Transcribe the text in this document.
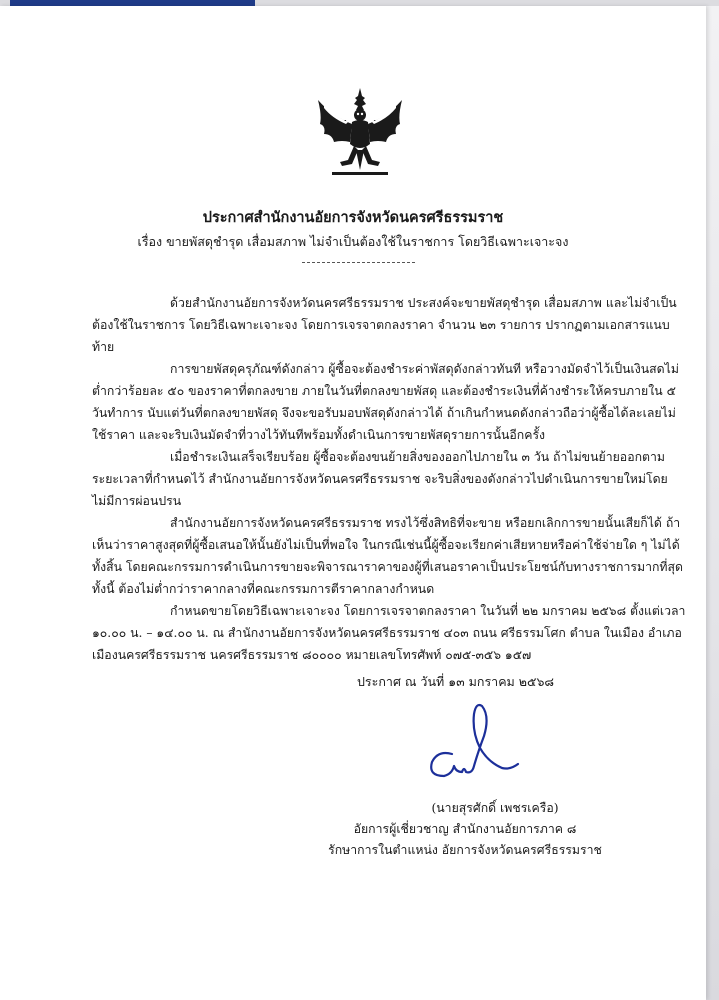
ประกาศสำนักงานอัยการจังหวัดนครศรีธรรมราช
เรื่อง ขายพัสดุชำรุด เสื่อมสภาพ ไม่จำเป็นต้องใช้ในราชการ โดยวิธีเฉพาะเจาะจง

ด้วยสำนักงานอัยการจังหวัดนครศรีธรรมราช ประสงค์จะขายพัสดุชำรุด เสื่อมสภาพ และไม่จำเป็นต้องใช้ในราชการ โดยวิธีเฉพาะเจาะจง โดยการเจรจาตกลงราคา จำนวน ๒๓ รายการ ปรากฏตามเอกสารแนบท้าย

การขายพัสดุครุภัณฑ์ดังกล่าว ผู้ซื้อจะต้องชำระค่าพัสดุดังกล่าวทันที หรือวางมัดจำไว้เป็นเงินสดไม่ต่ำกว่าร้อยละ ๕๐ ของราคาที่ตกลงขาย ภายในวันที่ตกลงขายพัสดุ และต้องชำระเงินที่ค้างชำระให้ครบภายใน ๕ วันทำการ นับแต่วันที่ตกลงขายพัสดุ จึงจะขอรับมอบพัสดุดังกล่าวได้ ถ้าเกินกำหนดดังกล่าวถือว่าผู้ซื้อได้ละเลยไม่ใช้ราคา และจะริบเงินมัดจำที่วางไว้ทันทีพร้อมทั้งดำเนินการขายพัสดุรายการนั้นอีกครั้ง

เมื่อชำระเงินเสร็จเรียบร้อย ผู้ซื้อจะต้องขนย้ายสิ่งของออกไปภายใน ๓ วัน ถ้าไม่ขนย้ายออกตามระยะเวลาที่กำหนดไว้ สำนักงานอัยการจังหวัดนครศรีธรรมราช จะริบสิ่งของดังกล่าวไปดำเนินการขายใหม่โดยไม่มีการผ่อนปรน

สำนักงานอัยการจังหวัดนครศรีธรรมราช ทรงไว้ซึ่งสิทธิที่จะขาย หรือยกเลิกการขายนั้นเสียก็ได้ ถ้าเห็นว่าราคาสูงสุดที่ผู้ซื้อเสนอให้นั้นยังไม่เป็นที่พอใจ ในกรณีเช่นนี้ผู้ซื้อจะเรียกค่าเสียหายหรือค่าใช้จ่ายใด ๆ ไม่ได้ทั้งสิ้น โดยคณะกรรมการดำเนินการขายจะพิจารณาราคาของผู้ที่เสนอราคาเป็นประโยชน์กับทางราชการมากที่สุด ทั้งนี้ ต้องไม่ต่ำกว่าราคากลางที่คณะกรรมการตีราคากลางกำหนด

กำหนดขายโดยวิธีเฉพาะเจาะจง โดยการเจรจาตกลงราคา ในวันที่ ๒๒ มกราคม ๒๕๖๘ ตั้งแต่เวลา ๑๐.๐๐ น. – ๑๔.๐๐ น. ณ สำนักงานอัยการจังหวัดนครศรีธรรมราช ๔๐๓ ถนน ศรีธรรมโศก ตำบล ในเมือง อำเภอเมืองนครศรีธรรมราช นครศรีธรรมราช ๘๐๐๐๐ หมายเลขโทรศัพท์ ๐๗๕-๓๕๖ ๑๕๗

ประกาศ ณ วันที่ ๑๓ มกราคม ๒๕๖๘
(นายสุรศักดิ์ เพชรเครือ)
อัยการผู้เชี่ยวชาญ สำนักงานอัยการภาค ๘
รักษาการในตำแหน่ง อัยการจังหวัดนครศรีธรรมราช
